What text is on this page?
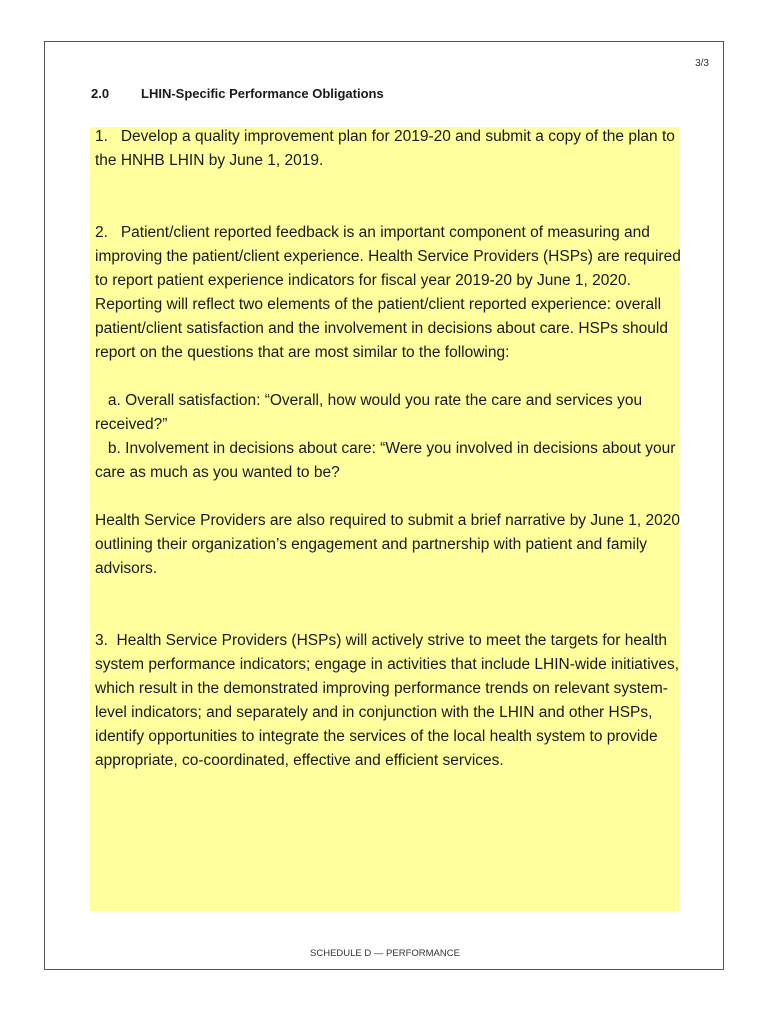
3/3
2.0 LHIN-Specific Performance Obligations

1.   Develop a quality improvement plan for 2019-20 and submit a copy of the plan to the HNHB LHIN by June 1, 2019.

2.   Patient/client reported feedback is an important component of measuring and improving the patient/client experience. Health Service Providers (HSPs) are required to report patient experience indicators for fiscal year 2019-20 by June 1, 2020. Reporting will reflect two elements of the patient/client reported experience: overall patient/client satisfaction and the involvement in decisions about care. HSPs should report on the questions that are most similar to the following:

a. Overall satisfaction: “Overall, how would you rate the care and services you received?”

b. Involvement in decisions about care: “Were you involved in decisions about your care as much as you wanted to be?

Health Service Providers are also required to submit a brief narrative by June 1, 2020 outlining their organization’s engagement and partnership with patient and family advisors.

3.  Health Service Providers (HSPs) will actively strive to meet the targets for health system performance indicators; engage in activities that include LHIN-wide initiatives, which result in the demonstrated improving performance trends on relevant system-level indicators; and separately and in conjunction with the LHIN and other HSPs, identify opportunities to integrate the services of the local health system to provide appropriate, co-coordinated, effective and efficient services.

SCHEDULE D — PERFORMANCE
